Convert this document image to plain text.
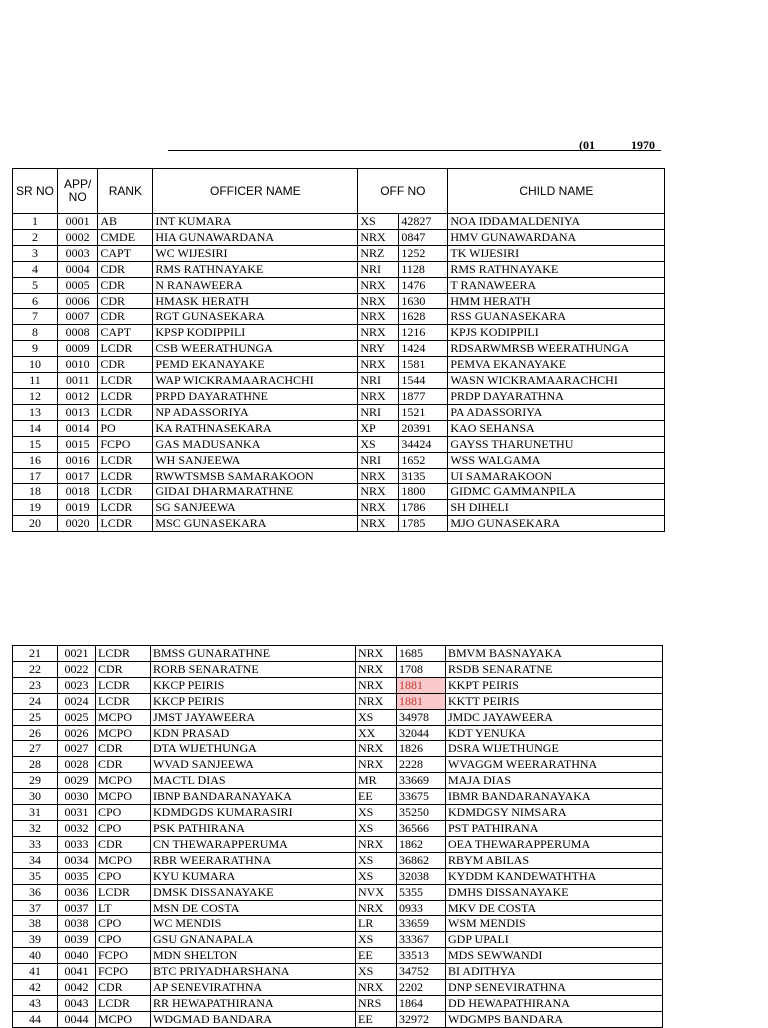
(01	1970
SR NO	APP/ NO	RANK	OFFICER NAME	OFF NO		CHILD NAME
1	0001	AB	INT KUMARA	XS	42827	NOA IDDAMALDENIYA
2	0002	CMDE	HIA GUNAWARDANA	NRX	0847	HMV GUNAWARDANA
3	0003	CAPT	WC WIJESIRI	NRZ	1252	TK WIJESIRI
4	0004	CDR	RMS RATHNAYAKE	NRI	1128	RMS RATHNAYAKE
5	0005	CDR	N RANAWEERA	NRX	1476	T RANAWEERA
6	0006	CDR	HMASK HERATH	NRX	1630	HMM HERATH
7	0007	CDR	RGT GUNASEKARA	NRX	1628	RSS GUANASEKARA
8	0008	CAPT	KPSP KODIPPILI	NRX	1216	KPJS KODIPPILI
9	0009	LCDR	CSB WEERATHUNGA	NRY	1424	RDSARWMRSB WEERATHUNGA
10	0010	CDR	PEMD EKANAYAKE	NRX	1581	PEMVA EKANAYAKE
11	0011	LCDR	WAP WICKRAMAARACHCHI	NRI	1544	WASN WICKRAMAARACHCHI
12	0012	LCDR	PRPD DAYARATHNE	NRX	1877	PRDP DAYARATHNA
13	0013	LCDR	NP ADASSORIYA	NRI	1521	PA ADASSORIYA
14	0014	PO	KA RATHNASEKARA	XP	20391	KAO SEHANSA
15	0015	FCPO	GAS MADUSANKA	XS	34424	GAYSS THARUNETHU
16	0016	LCDR	WH SANJEEWA	NRI	1652	WSS WALGAMA
17	0017	LCDR	RWWTSMSB SAMARAKOON	NRX	3135	UI SAMARAKOON
18	0018	LCDR	GIDAI DHARMARATHNE	NRX	1800	GIDMC GAMMANPILA
19	0019	LCDR	SG SANJEEWA	NRX	1786	SH DIHELI
20	0020	LCDR	MSC GUNASEKARA	NRX	1785	MJO GUNASEKARA
21	0021	LCDR	BMSS GUNARATHNE	NRX	1685	BMVM BASNAYAKA
22	0022	CDR	RORB SENARATNE	NRX	1708	RSDB SENARATNE
23	0023	LCDR	KKCP PEIRIS	NRX	1881	KKPT PEIRIS
24	0024	LCDR	KKCP PEIRIS	NRX	1881	KKTT PEIRIS
25	0025	MCPO	JMST JAYAWEERA	XS	34978	JMDC JAYAWEERA
26	0026	MCPO	KDN PRASAD	XX	32044	KDT YENUKA
27	0027	CDR	DTA WIJETHUNGA	NRX	1826	DSRA WIJETHUNGE
28	0028	CDR	WVAD SANJEEWA	NRX	2228	WVAGGM WEERARATHNA
29	0029	MCPO	MACTL DIAS	MR	33669	MAJA DIAS
30	0030	MCPO	IBNP BANDARANAYAKA	EE	33675	IBMR BANDARANAYAKA
31	0031	CPO	KDMDGDS KUMARASIRI	XS	35250	KDMDGSY NIMSARA
32	0032	CPO	PSK PATHIRANA	XS	36566	PST PATHIRANA
33	0033	CDR	CN THEWARAPPERUMA	NRX	1862	OEA THEWARAPPERUMA
34	0034	MCPO	RBR WEERARATHNA	XS	36862	RBYM ABILAS
35	0035	CPO	KYU KUMARA	XS	32038	KYDDM KANDEWATHTHA
36	0036	LCDR	DMSK DISSANAYAKE	NVX	5355	DMHS DISSANAYAKE
37	0037	LT	MSN DE COSTA	NRX	0933	MKV DE COSTA
38	0038	CPO	WC MENDIS	LR	33659	WSM MENDIS
39	0039	CPO	GSU GNANAPALA	XS	33367	GDP UPALI
40	0040	FCPO	MDN SHELTON	EE	33513	MDS SEWWANDI
41	0041	FCPO	BTC PRIYADHARSHANA	XS	34752	BI ADITHYA
42	0042	CDR	AP SENEVIRATHNA	NRX	2202	DNP SENEVIRATHNA
43	0043	LCDR	RR HEWAPATHIRANA	NRS	1864	DD HEWAPATHIRANA
44	0044	MCPO	WDGMAD BANDARA	EE	32972	WDGMPS BANDARA
